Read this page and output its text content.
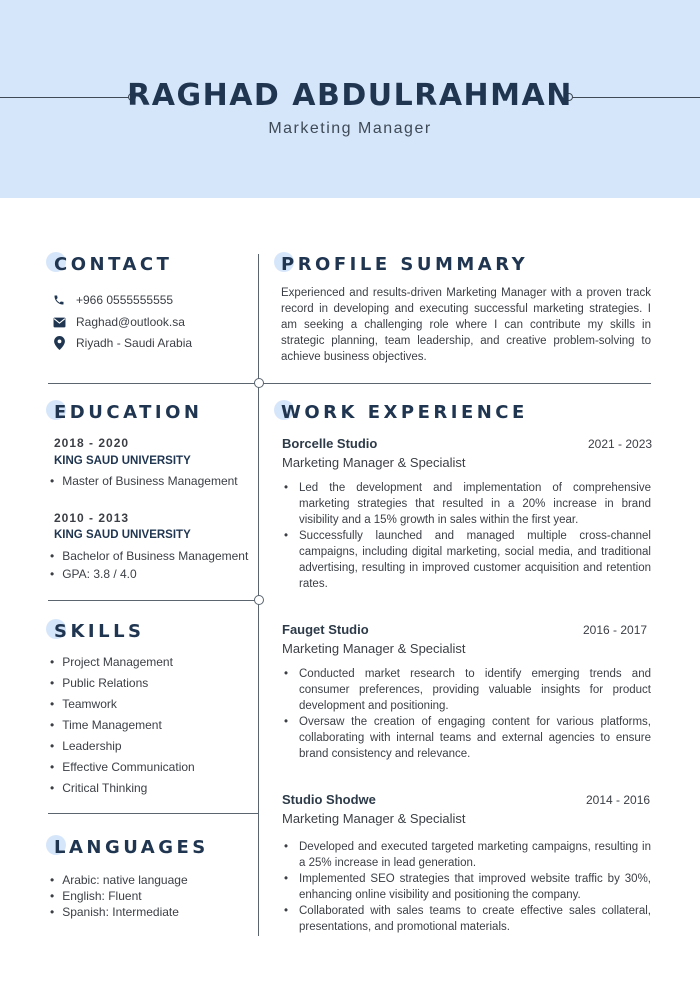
RAGHAD ABDULRAHMAN
Marketing Manager
CONTACT
+966 0555555555
Raghad@outlook.sa
Riyadh - Saudi Arabia
EDUCATION
2018 - 2020
KING SAUD UNIVERSITY
• Master of Business Management
2010 - 2013
KING SAUD UNIVERSITY
• Bachelor of Business Management
• GPA: 3.8 / 4.0
SKILLS
• Project Management
• Public Relations
• Teamwork
• Time Management
• Leadership
• Effective Communication
• Critical Thinking
LANGUAGES
• Arabic: native language
• English: Fluent
• Spanish: Intermediate
PROFILE SUMMARY
Experienced and results-driven Marketing Manager with a proven track record in developing and executing successful marketing strategies. I am seeking a challenging role where I can contribute my skills in strategic planning, team leadership, and creative problem-solving to achieve business objectives.
WORK EXPERIENCE
Borcelle Studio	2021 - 2023
Marketing Manager & Specialist
• Led the development and implementation of comprehensive marketing strategies that resulted in a 20% increase in brand visibility and a 15% growth in sales within the first year.
• Successfully launched and managed multiple cross-channel campaigns, including digital marketing, social media, and traditional advertising, resulting in improved customer acquisition and retention rates.
Fauget Studio	2016 - 2017
Marketing Manager & Specialist
• Conducted market research to identify emerging trends and consumer preferences, providing valuable insights for product development and positioning.
• Oversaw the creation of engaging content for various platforms, collaborating with internal teams and external agencies to ensure brand consistency and relevance.
Studio Shodwe	2014 - 2016
Marketing Manager & Specialist
• Developed and executed targeted marketing campaigns, resulting in a 25% increase in lead generation.
• Implemented SEO strategies that improved website traffic by 30%, enhancing online visibility and positioning the company.
• Collaborated with sales teams to create effective sales collateral, presentations, and promotional materials.
